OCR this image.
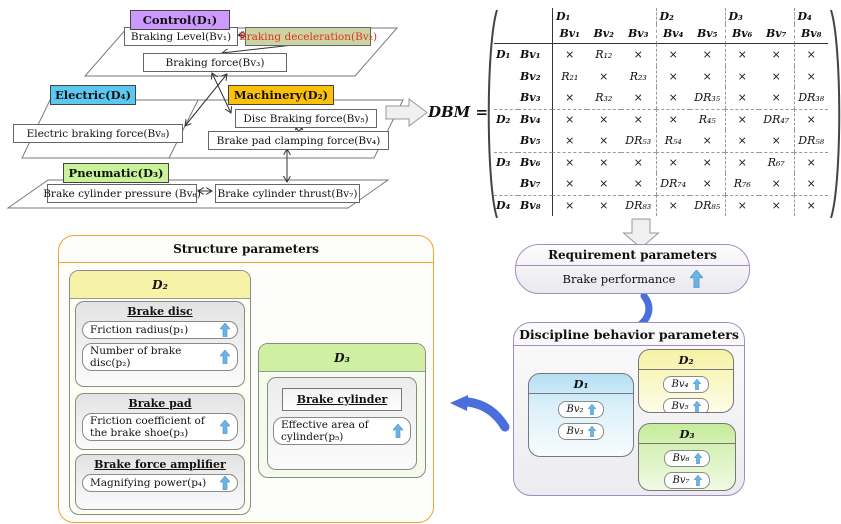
Control(D₁)
Electric(D₄)	Machinery(D₂)
Pneumatic(D₃)
Braking Level(Bv₁) Braking deceleration(Bv₂)
Braking force(Bv₃)
Electric braking force(Bv₈)
Disc Braking force(Bv₅)
Brake pad clamping force(Bv₄)
Brake cylinder pressure (Bv₆) Brake cylinder thrust(Bv₇)
DBM =
D₁	D₂	D₃	D₄
Bv₁	Bv₂	Bv₃	Bv₄	Bv₅	Bv₆	Bv₇	Bv₈
D₁ Bv₁	×	R₁₂	×	×	×	×	×	×
Bv₂	R₂₁	×	R₂₃	×	×	×	×	×
Bv₃	×	R₃₂	×	×	DR₃₅	×	×	DR₃₈
D₂ Bv₄	×	×	×	×	R₄₅	×	DR₄₇	×
Bv₅	×	×	DR₅₃	R₅₄	×	×	×	DR₅₈
D₃ Bv₆	×	×	×	×	×	×	R₆₇	×
Bv₇	×	×	×	DR₇₄	×	R₇₆	×	×
D₄ Bv₈	×	×	DR₈₃	×	DR₈₅	×	×	×
Structure parameters
D₂
Brake disc
Friction radius(p₁)
Number of brake disc(p₂)
Brake pad
Friction coefficient of the brake shoe(p₃)
Brake force amplifier
Magnifying power(p₄)
D₃
Brake cylinder
Effective area of cylinder(p₅)
Requirement parameters
Brake performance
Discipline behavior parameters
D₁
Bv₂
Bv₃
D₂
Bv₄
Bv₅
D₃
Bv₆
Bv₇
